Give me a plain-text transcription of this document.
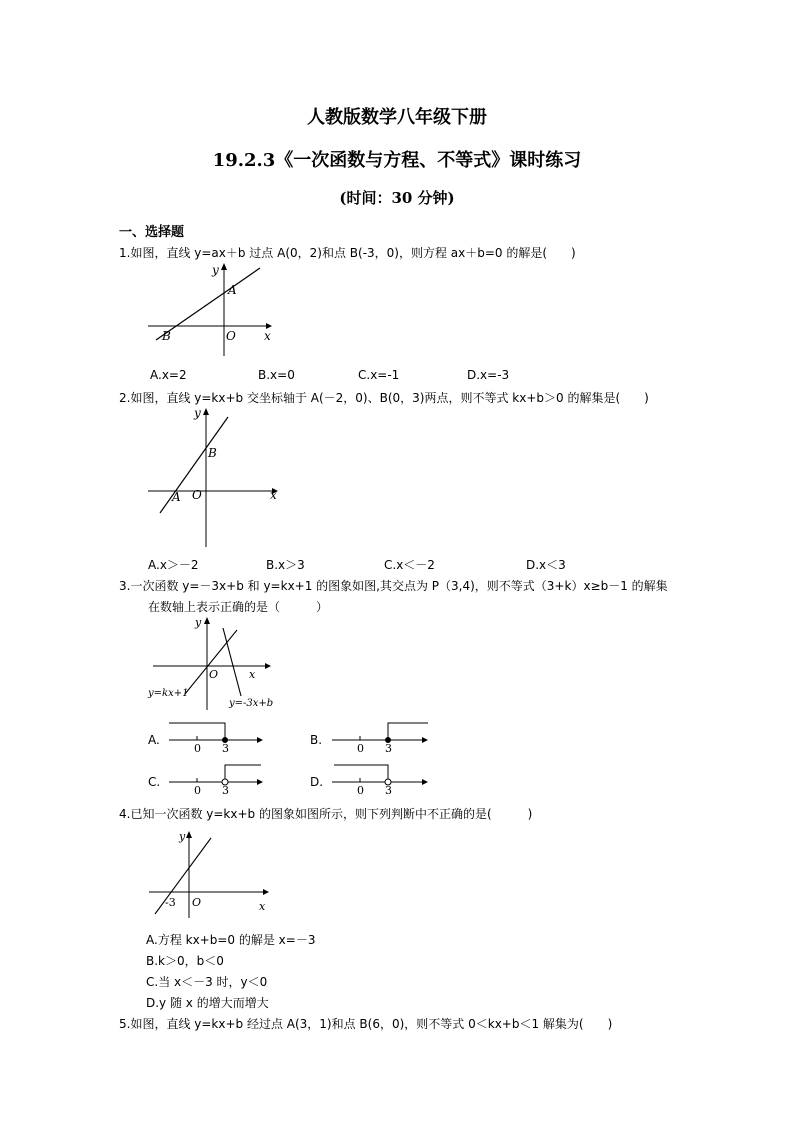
人教版数学八年级下册
19.2.3《一次函数与方程、不等式》课时练习
(时间：30 分钟)
一、选择题
1.如图，直线 y=ax＋b 过点 A(0，2)和点 B(-3，0)，则方程 ax＋b=0 的解是(　　)
y
x
A
B	O
A.x=2	B.x=0	C.x=-1	D.x=-3
2.如图，直线 y=kx+b 交坐标轴于 A(－2，0)、B(0，3)两点，则不等式 kx+b＞0 的解集是(　　)
y
x
B
A O
A.x＞－2	B.x＞3	C.x＜－2	D.x＜3
3.一次函数 y=－3x+b 和 y=kx+1 的图象如图,其交点为 P（3,4)，则不等式（3+k）x≥b－1 的解集
在数轴上表示正确的是（　　　）
y
x
O
y=kx+1
y=-3x+b
A.
0 3
B.
0 3
C.
0 3
D.
0 3
4.已知一次函数 y=kx+b 的图象如图所示，则下列判断中不正确的是(　　　)
y
x
-3 O
A.方程 kx+b=0 的解是 x=－3
B.k＞0，b＜0
C.当 x＜－3 时，y＜0
D.y 随 x 的增大而增大
5.如图，直线 y=kx+b 经过点 A(3，1)和点 B(6，0)，则不等式 0＜kx+b＜1 解集为(　　)
